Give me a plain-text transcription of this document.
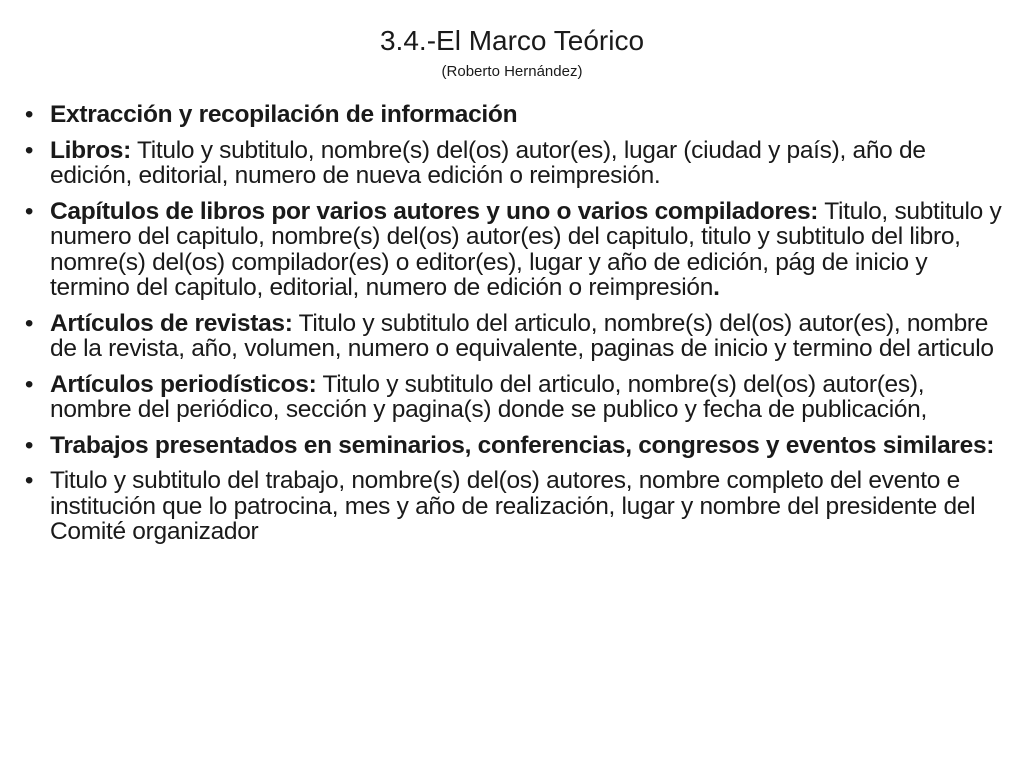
3.4.-El Marco Teórico
(Roberto Hernández)
• Extracción y recopilación de información
• Libros: Titulo y subtitulo, nombre(s) del(os) autor(es), lugar (ciudad y país), año de edición, editorial, numero de nueva edición o reimpresión.
• Capítulos de libros por varios autores y uno o varios compiladores: Titulo, subtitulo y numero del capitulo, nombre(s) del(os) autor(es) del capitulo, titulo y subtitulo del libro, nomre(s) del(os) compilador(es) o editor(es), lugar y año de edición, pág de inicio y termino del capitulo, editorial, numero de edición o reimpresión.
• Artículos de revistas: Titulo y subtitulo del articulo, nombre(s) del(os) autor(es), nombre de la revista, año, volumen, numero o equivalente, paginas de inicio y termino del articulo
• Artículos periodísticos: Titulo y subtitulo del articulo, nombre(s) del(os) autor(es), nombre del periódico, sección y pagina(s) donde se publico y fecha de publicación,
• Trabajos presentados en seminarios, conferencias, congresos y eventos similares:
• Titulo y subtitulo del trabajo, nombre(s) del(os) autores, nombre completo del evento e institución que lo patrocina, mes y año de realización, lugar y nombre del presidente del Comité organizador
